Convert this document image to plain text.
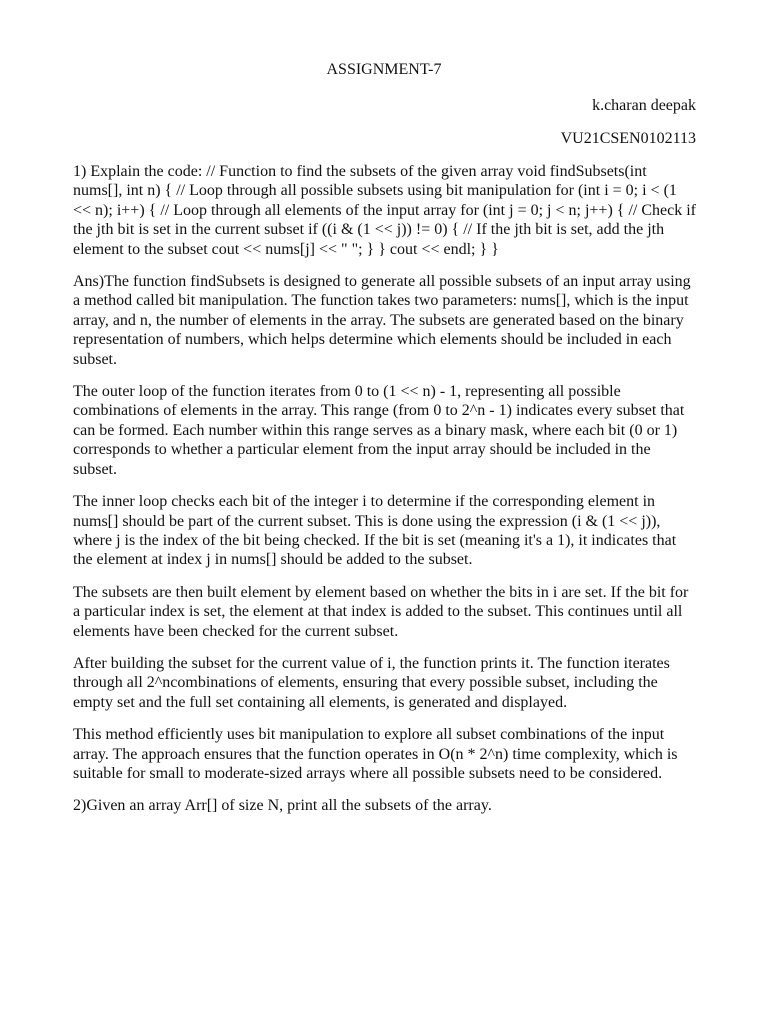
ASSIGNMENT-7
k.charan deepak
VU21CSEN0102113

1) Explain the code: // Function to find the subsets of the given array void findSubsets(int nums[], int n) { // Loop through all possible subsets using bit manipulation for (int i = 0; i < (1 << n); i++) { // Loop through all elements of the input array for (int j = 0; j < n; j++) { // Check if the jth bit is set in the current subset if ((i & (1 << j)) != 0) { // If the jth bit is set, add the jth element to the subset cout << nums[j] << " "; } } cout << endl; } }

Ans)The function findSubsets is designed to generate all possible subsets of an input array using a method called bit manipulation. The function takes two parameters: nums[], which is the input array, and n, the number of elements in the array. The subsets are generated based on the binary representation of numbers, which helps determine which elements should be included in each subset.

The outer loop of the function iterates from 0 to (1 << n) - 1, representing all possible combinations of elements in the array. This range (from 0 to 2^n - 1) indicates every subset that can be formed. Each number within this range serves as a binary mask, where each bit (0 or 1) corresponds to whether a particular element from the input array should be included in the subset.

The inner loop checks each bit of the integer i to determine if the corresponding element in nums[] should be part of the current subset. This is done using the expression (i & (1 << j)), where j is the index of the bit being checked. If the bit is set (meaning it's a 1), it indicates that the element at index j in nums[] should be added to the subset.

The subsets are then built element by element based on whether the bits in i are set. If the bit for a particular index is set, the element at that index is added to the subset. This continues until all elements have been checked for the current subset.

After building the subset for the current value of i, the function prints it. The function iterates through all 2^ncombinations of elements, ensuring that every possible subset, including the empty set and the full set containing all elements, is generated and displayed.

This method efficiently uses bit manipulation to explore all subset combinations of the input array. The approach ensures that the function operates in O(n * 2^n) time complexity, which is suitable for small to moderate-sized arrays where all possible subsets need to be considered.

2)Given an array Arr[] of size N, print all the subsets of the array.
